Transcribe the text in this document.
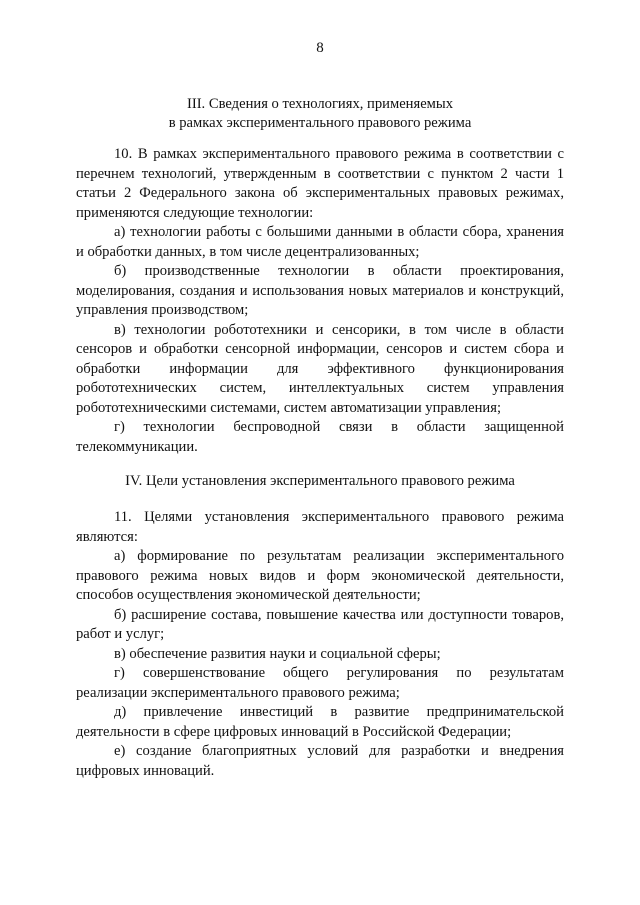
8
III. Сведения о технологиях, применяемых
в рамках экспериментального правового режима

10. В рамках экспериментального правового режима в соответствии с перечнем технологий, утвержденным в соответствии с пунктом 2 части 1 статьи 2 Федерального закона об экспериментальных правовых режимах, применяются следующие технологии:

а) технологии работы с большими данными в области сбора, хранения и обработки данных, в том числе децентрализованных;

б) производственные технологии в области проектирования, моделирования, создания и использования новых материалов и конструкций, управления производством;

в) технологии робототехники и сенсорики, в том числе в области сенсоров и обработки сенсорной информации, сенсоров и систем сбора и обработки информации для эффективного функционирования робототехнических систем, интеллектуальных систем управления робототехническими системами, систем автоматизации управления;

г) технологии беспроводной связи в области защищенной телекоммуникации.

IV. Цели установления экспериментального правового режима

11. Целями установления экспериментального правового режима являются:

а) формирование по результатам реализации экспериментального правового режима новых видов и форм экономической деятельности, способов осуществления экономической деятельности;

б) расширение состава, повышение качества или доступности товаров, работ и услуг;

в) обеспечение развития науки и социальной сферы;

г) совершенствование общего регулирования по результатам реализации экспериментального правового режима;

д) привлечение инвестиций в развитие предпринимательской деятельности в сфере цифровых инноваций в Российской Федерации;

е) создание благоприятных условий для разработки и внедрения цифровых инноваций.
